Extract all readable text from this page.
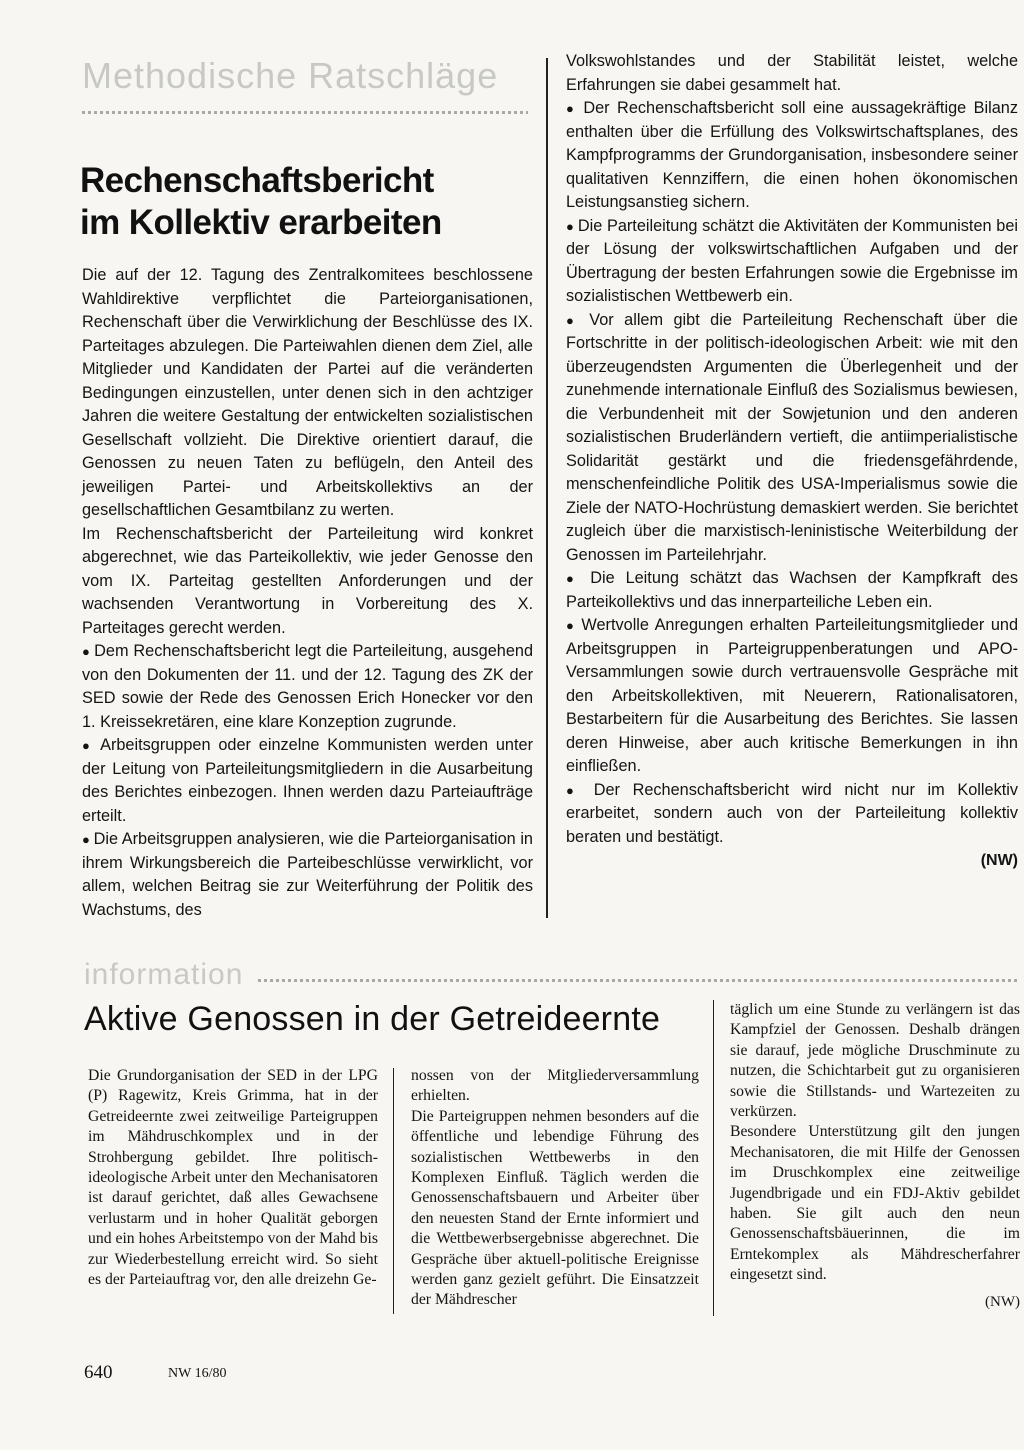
Methodische Ratschläge
Rechenschaftsbericht
im Kollektiv erarbeiten

Die auf der 12. Tagung des Zentralkomitees beschlossene Wahldirektive verpflichtet die Parteiorganisationen, Rechenschaft über die Verwirklichung der Beschlüsse des IX. Parteitages abzulegen. Die Parteiwahlen dienen dem Ziel, alle Mitglieder und Kandidaten der Partei auf die veränderten Bedingungen einzustellen, unter denen sich in den achtziger Jahren die weitere Gestaltung der entwickelten sozialistischen Gesellschaft vollzieht. Die Direktive orientiert darauf, die Genossen zu neuen Taten zu beflügeln, den Anteil des jeweiligen Partei- und Arbeitskollektivs an der gesellschaftlichen Gesamtbilanz zu werten.

Im Rechenschaftsbericht der Parteileitung wird konkret abgerechnet, wie das Parteikollektiv, wie jeder Genosse den vom IX. Parteitag gestellten Anforderungen und der wachsenden Verantwortung in Vorbereitung des X. Parteitages gerecht werden.

● Dem Rechenschaftsbericht legt die Parteileitung, ausgehend von den Dokumenten der 11. und der 12. Tagung des ZK der SED sowie der Rede des Genossen Erich Honecker vor den 1. Kreissekretären, eine klare Konzeption zugrunde.

● Arbeitsgruppen oder einzelne Kommunisten werden unter der Leitung von Parteileitungsmitgliedern in die Ausarbeitung des Berichtes einbezogen. Ihnen werden dazu Parteiaufträge erteilt.

● Die Arbeitsgruppen analysieren, wie die Parteiorganisation in ihrem Wirkungsbereich die Parteibeschlüsse verwirklicht, vor allem, welchen Beitrag sie zur Weiterführung der Politik des Wachstums, des

Volkswohlstandes und der Stabilität leistet, welche Erfahrungen sie dabei gesammelt hat.

● Der Rechenschaftsbericht soll eine aussagekräftige Bilanz enthalten über die Erfüllung des Volkswirtschaftsplanes, des Kampfprogramms der Grundorganisation, insbesondere seiner qualitativen Kennziffern, die einen hohen ökonomischen Leistungsanstieg sichern.

● Die Parteileitung schätzt die Aktivitäten der Kommunisten bei der Lösung der volkswirtschaftlichen Aufgaben und der Übertragung der besten Erfahrungen sowie die Ergebnisse im sozialistischen Wettbewerb ein.

● Vor allem gibt die Parteileitung Rechenschaft über die Fortschritte in der politisch-ideologischen Arbeit: wie mit den überzeugendsten Argumenten die Überlegenheit und der zunehmende internationale Einfluß des Sozialismus bewiesen, die Verbundenheit mit der Sowjetunion und den anderen sozialistischen Bruderländern vertieft, die antiimperialistische Solidarität gestärkt und die friedensgefährdende, menschenfeindliche Politik des USA-Imperialismus sowie die Ziele der NATO-Hochrüstung demaskiert werden. Sie berichtet zugleich über die marxistisch-leninistische Weiterbildung der Genossen im Parteilehrjahr.

● Die Leitung schätzt das Wachsen der Kampfkraft des Parteikollektivs und das innerparteiliche Leben ein.

● Wertvolle Anregungen erhalten Parteileitungsmitglieder und Arbeitsgruppen in Parteigruppenberatungen und APO-Versammlungen sowie durch vertrauensvolle Gespräche mit den Arbeitskollektiven, mit Neuerern, Rationalisatoren, Bestarbeitern für die Ausarbeitung des Berichtes. Sie lassen deren Hinweise, aber auch kritische Bemerkungen in ihn einfließen.

● Der Rechenschaftsbericht wird nicht nur im Kollektiv erarbeitet, sondern auch von der Parteileitung kollektiv beraten und bestätigt.

(NW)
information
Aktive Genossen in der Getreideernte

Die Grundorganisation der SED in der LPG (P) Ragewitz, Kreis Grimma, hat in der Getreideernte zwei zeitweilige Parteigruppen im Mähdruschkomplex und in der Strohbergung gebildet. Ihre politisch-ideologische Arbeit unter den Mechanisatoren ist darauf gerichtet, daß alles Gewachsene verlustarm und in hoher Qualität geborgen und ein hohes Arbeitstempo von der Mahd bis zur Wiederbestellung erreicht wird. So sieht es der Parteiauftrag vor, den alle dreizehn Ge-

nossen von der Mitgliederversammlung erhielten.

Die Parteigruppen nehmen besonders auf die öffentliche und lebendige Führung des sozialistischen Wettbewerbs in den Komplexen Einfluß. Täglich werden die Genossenschaftsbauern und Arbeiter über den neuesten Stand der Ernte informiert und die Wettbewerbsergebnisse abgerechnet. Die Gespräche über aktuell-politische Ereignisse werden ganz gezielt geführt. Die Einsatzzeit der Mähdrescher

täglich um eine Stunde zu verlängern ist das Kampfziel der Genossen. Deshalb drängen sie darauf, jede mögliche Druschminute zu nutzen, die Schichtarbeit gut zu organisieren sowie die Stillstands- und Wartezeiten zu verkürzen.

Besondere Unterstützung gilt den jungen Mechanisatoren, die mit Hilfe der Genossen im Druschkomplex eine zeitweilige Jugendbrigade und ein FDJ-Aktiv gebildet haben. Sie gilt auch den neun Genossenschaftsbäuerinnen, die im Erntekomplex als Mähdrescherfahrer eingesetzt sind.

(NW)
640	NW 16/80
